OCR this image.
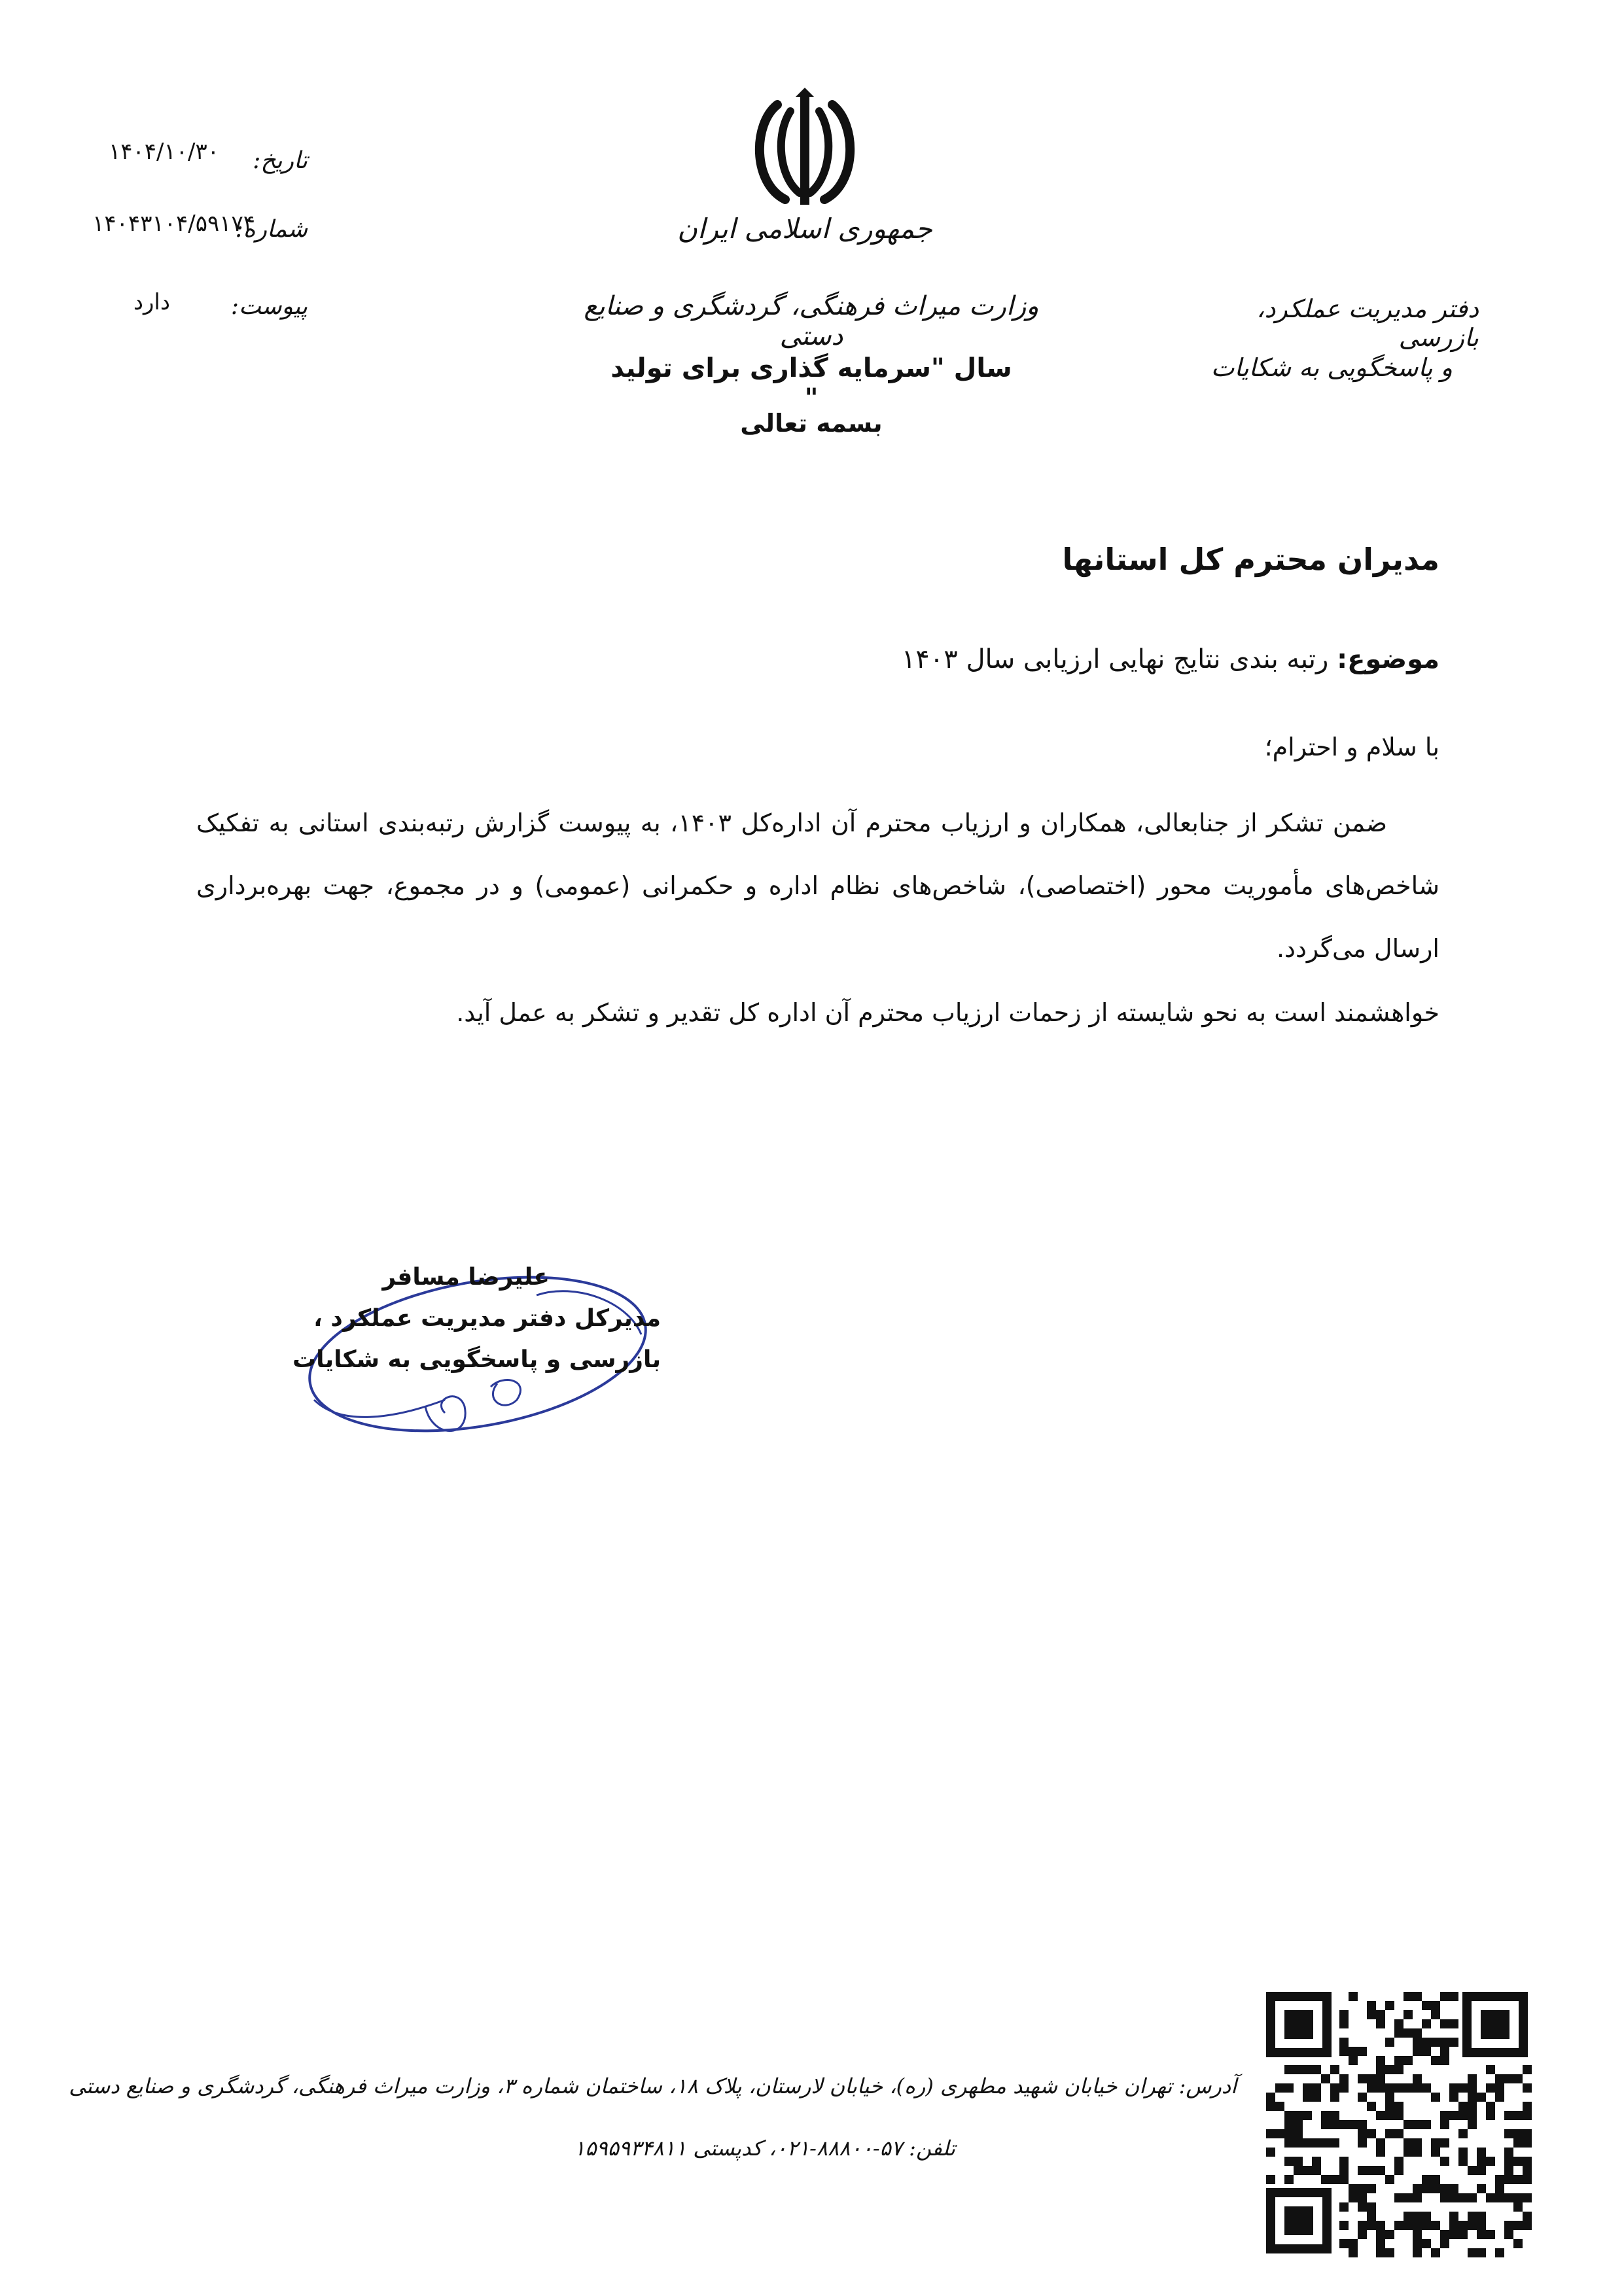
تاریخ:
۱۴۰۴/۱۰/۳۰
شماره:
۱۴۰۴۳۱۰۴/۵۹۱۷۴
پیوست:
دارد
جمهوری اسلامی ایران
وزارت میراث فرهنگی، گردشگری و صنایع دستی
سال "سرمایه گذاری برای تولید "
بسمه تعالی
دفتر مدیریت عملکرد، بازرسی
و پاسخگویی به شکایات
مدیران محترم کل استانها
موضوع: رتبه بندی نتایج نهایی ارزیابی سال ۱۴۰۳
با سلام و احترام؛
ضمن تشکر از جنابعالی، همکاران و ارزیاب محترم آن اداره‌کل ۱۴۰۳، به پیوست گزارش رتبه‌بندی استانی به تفکیک شاخص‌های مأموریت محور (اختصاصی)، شاخص‌های نظام اداره و حکمرانی (عمومی) و در مجموع، جهت بهره‌برداری ارسال می‌گردد.
خواهشمند است به نحو شایسته از زحمات ارزیاب محترم آن اداره کل تقدیر و تشکر به عمل آید.
علیرضا مسافر
مدیرکل دفتر مدیریت عملکرد ،
بازرسی و پاسخگویی به شکایات
آدرس: تهران خیابان شهید مطهری (ره)، خیابان لارستان، پلاک ۱۸، ساختمان شماره ۳، وزارت میراث فرهنگی، گردشگری و صنایع دستی
تلفن: ۵۷-۸۸۸۰۰-۰۲۱، کدپستی ۱۵۹۵۹۳۴۸۱۱
